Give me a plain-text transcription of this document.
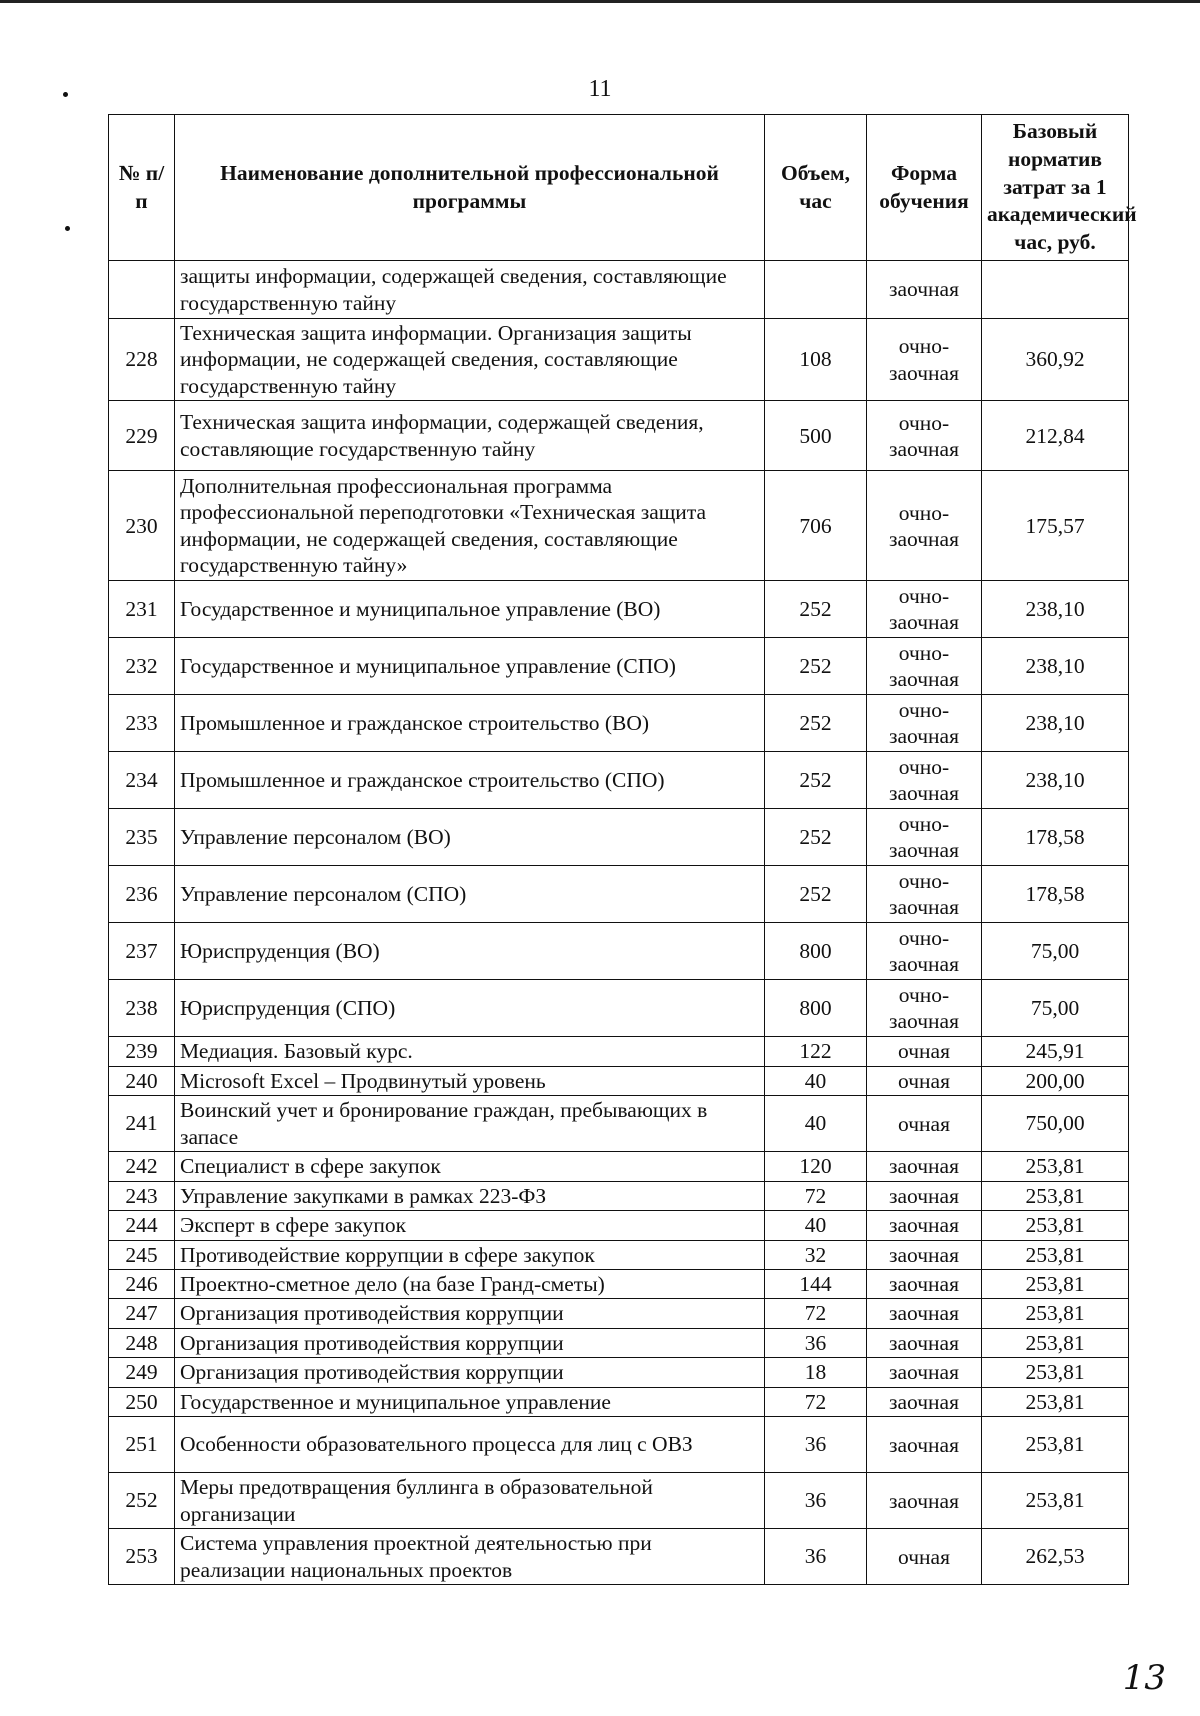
11
№ п/п	Наименование дополнительной профессиональной программы	Объем, час	Форма обучения	Базовый норматив затрат за 1 академический час, руб.
	защиты информации, содержащей сведения, составляющие государственную тайну		заочная	
228	Техническая защита информации. Организация защиты информации, не содержащей сведения, составляющие государственную тайну	108	очно-заочная	360,92
229	Техническая защита информации, содержащей сведения, составляющие государственную тайну	500	очно-заочная	212,84
230	Дополнительная профессиональная программа профессиональной переподготовки «Техническая защита информации, не содержащей сведения, составляющие государственную тайну»	706	очно-заочная	175,57
231	Государственное и муниципальное управление (ВО)	252	очно-заочная	238,10
232	Государственное и муниципальное управление (СПО)	252	очно-заочная	238,10
233	Промышленное и гражданское строительство (ВО)	252	очно-заочная	238,10
234	Промышленное и гражданское строительство (СПО)	252	очно-заочная	238,10
235	Управление персоналом (ВО)	252	очно-заочная	178,58
236	Управление персоналом (СПО)	252	очно-заочная	178,58
237	Юриспруденция (ВО)	800	очно-заочная	75,00
238	Юриспруденция (СПО)	800	очно-заочная	75,00
239	Медиация. Базовый курс.	122	очная	245,91
240	Microsoft Excel – Продвинутый уровень	40	очная	200,00
241	Воинский учет и бронирование граждан, пребывающих в запасе	40	очная	750,00
242	Специалист в сфере закупок	120	заочная	253,81
243	Управление закупками в рамках 223-ФЗ	72	заочная	253,81
244	Эксперт в сфере закупок	40	заочная	253,81
245	Противодействие коррупции в сфере закупок	32	заочная	253,81
246	Проектно-сметное дело (на базе Гранд-сметы)	144	заочная	253,81
247	Организация противодействия коррупции	72	заочная	253,81
248	Организация противодействия коррупции	36	заочная	253,81
249	Организация противодействия коррупции	18	заочная	253,81
250	Государственное и муниципальное управление	72	заочная	253,81
251	Особенности образовательного процесса для лиц с ОВЗ	36	заочная	253,81
252	Меры предотвращения буллинга в образовательной организации	36	заочная	253,81
253	Система управления проектной деятельностью при реализации национальных проектов	36	очная	262,53
13
